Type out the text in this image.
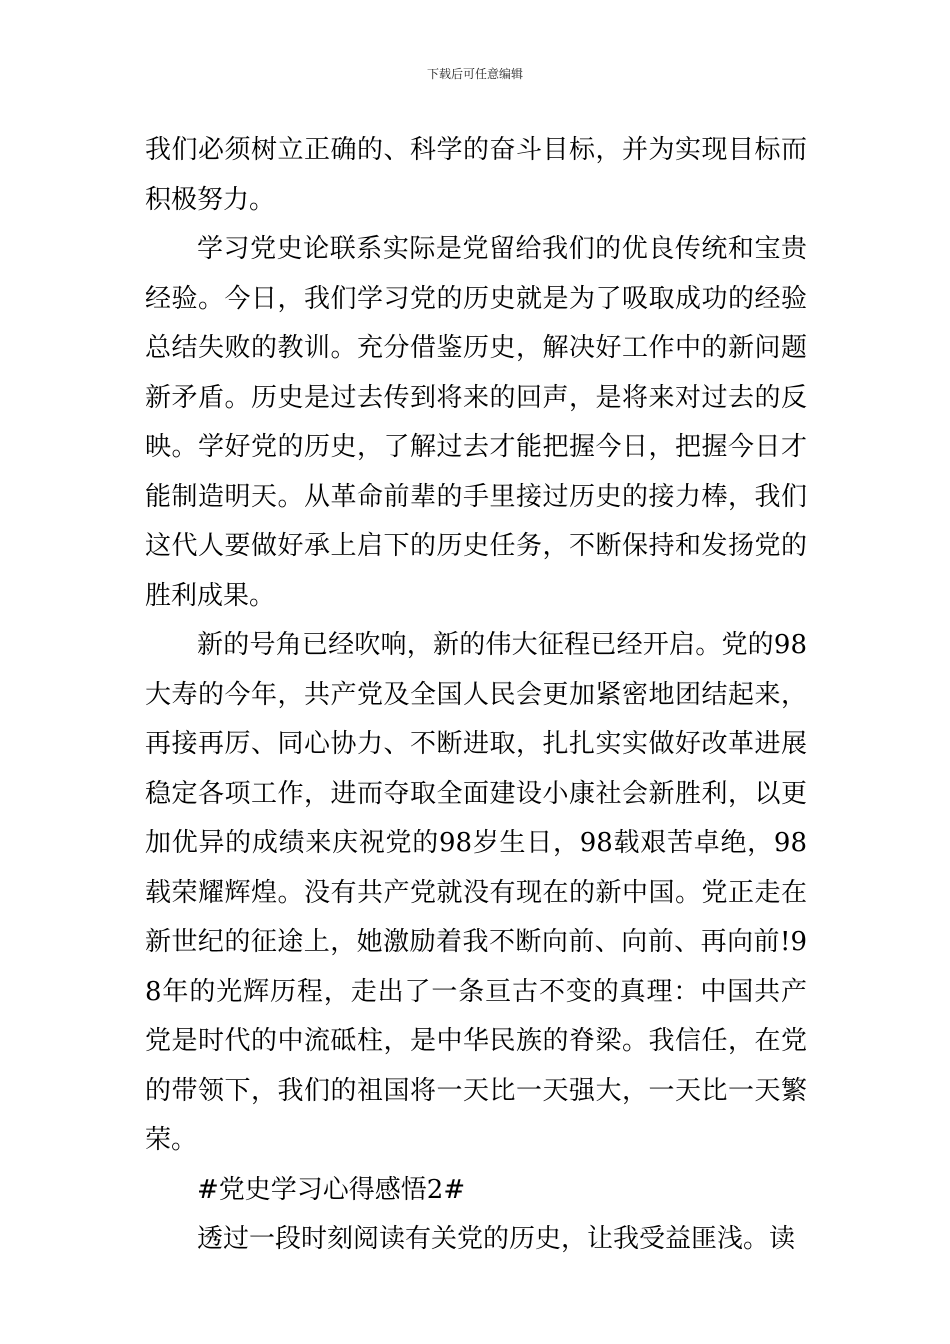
下载后可任意编辑

我们必须树立正确的、科学的奋斗目标，并为实现目标而积极努力。

学习党史论联系实际是党留给我们的优良传统和宝贵经验。今日，我们学习党的历史就是为了吸取成功的经验总结失败的教训。充分借鉴历史，解决好工作中的新问题新矛盾。历史是过去传到将来的回声，是将来对过去的反映。学好党的历史，了解过去才能把握今日，把握今日才能制造明天。从革命前辈的手里接过历史的接力棒，我们这代人要做好承上启下的历史任务，不断保持和发扬党的胜利成果。

新的号角已经吹响，新的伟大征程已经开启。党的98大寿的今年，共产党及全国人民会更加紧密地团结起来，再接再厉、同心协力、不断进取，扎扎实实做好改革进展稳定各项工作，进而夺取全面建设小康社会新胜利，以更加优异的成绩来庆祝党的98岁生日，98载艰苦卓绝，98载荣耀辉煌。没有共产党就没有现在的新中国。党正走在新世纪的征途上，她激励着我不断向前、向前、再向前!98年的光辉历程，走出了一条亘古不变的真理：中国共产党是时代的中流砥柱，是中华民族的脊梁。我信任，在党的带领下，我们的祖国将一天比一天强大，一天比一天繁荣。

#党史学习心得感悟2#

透过一段时刻阅读有关党的历史，让我受益匪浅。读
